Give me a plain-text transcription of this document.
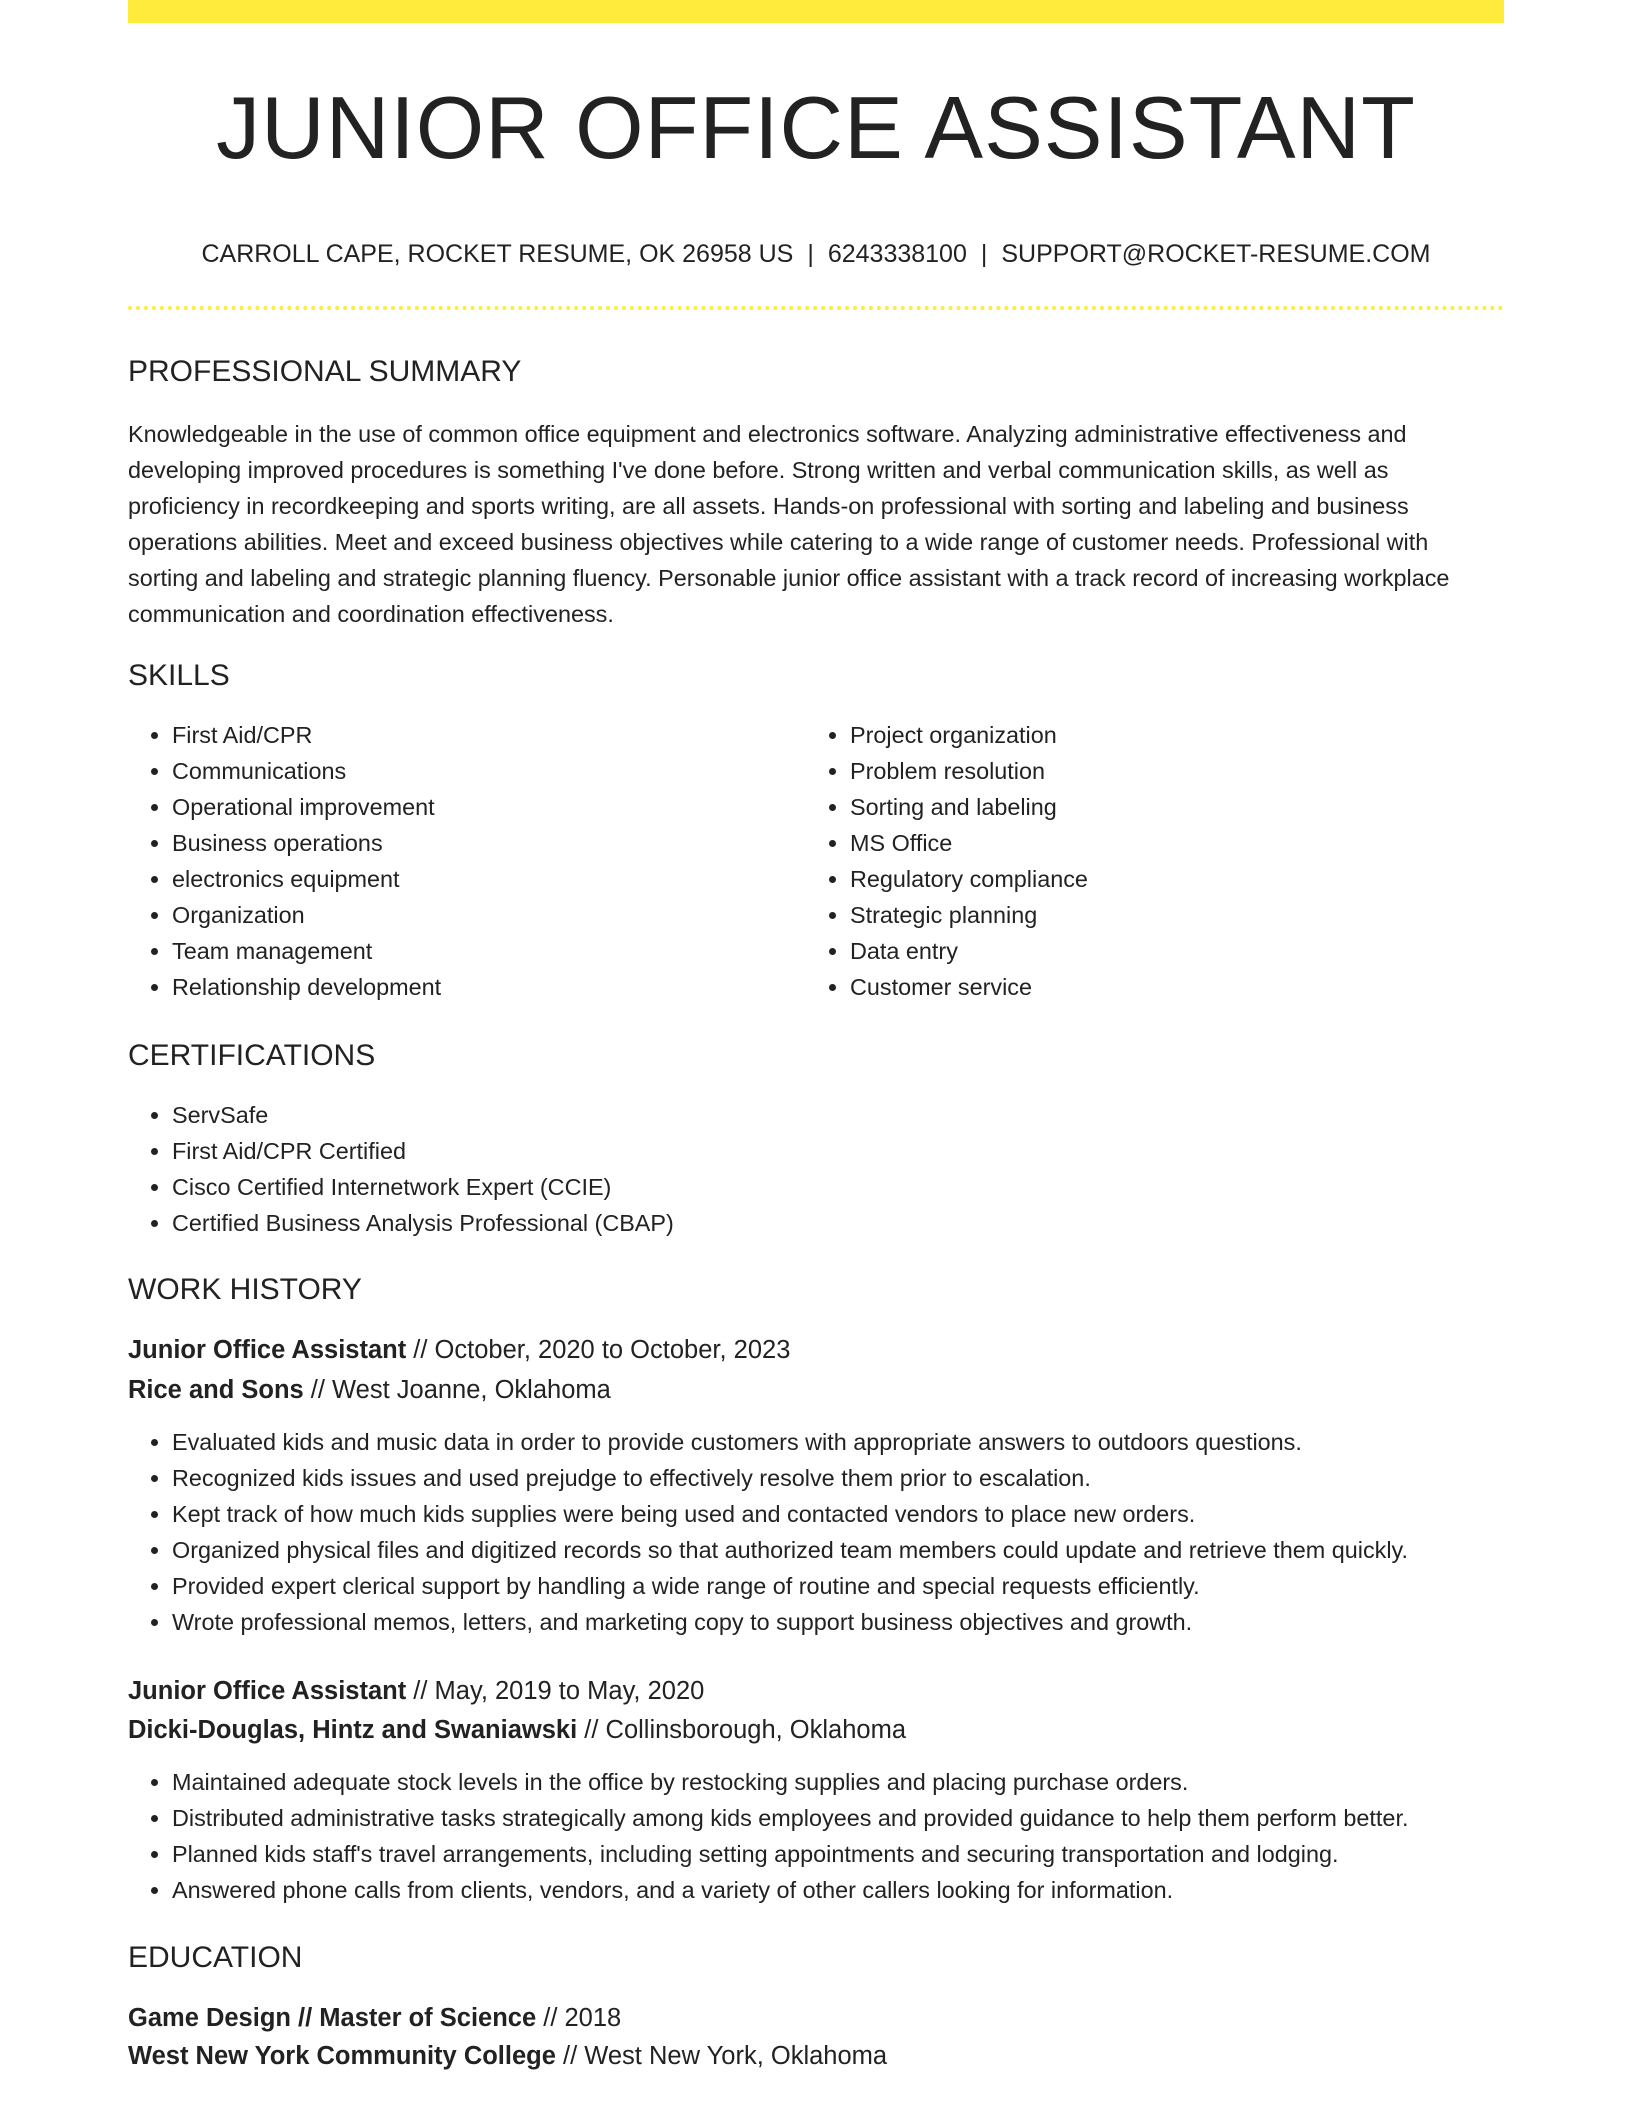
JUNIOR OFFICE ASSISTANT
CARROLL CAPE, ROCKET RESUME, OK 26958 US | 6243338100 | SUPPORT@ROCKET-RESUME.COM
PROFESSIONAL SUMMARY

Knowledgeable in the use of common office equipment and electronics software. Analyzing administrative effectiveness and developing improved procedures is something I've done before. Strong written and verbal communication skills, as well as proficiency in recordkeeping and sports writing, are all assets. Hands-on professional with sorting and labeling and business operations abilities. Meet and exceed business objectives while catering to a wide range of customer needs. Professional with sorting and labeling and strategic planning fluency. Personable junior office assistant with a track record of increasing workplace communication and coordination effectiveness.

SKILLS
• First Aid/CPR
• Communications
• Operational improvement
• Business operations
• electronics equipment
• Organization
• Team management
• Relationship development
• Project organization
• Problem resolution
• Sorting and labeling
• MS Office
• Regulatory compliance
• Strategic planning
• Data entry
• Customer service
CERTIFICATIONS
• ServSafe
• First Aid/CPR Certified
• Cisco Certified Internetwork Expert (CCIE)
• Certified Business Analysis Professional (CBAP)
WORK HISTORY
Junior Office Assistant // October, 2020 to October, 2023
Rice and Sons // West Joanne, Oklahoma
• Evaluated kids and music data in order to provide customers with appropriate answers to outdoors questions.
• Recognized kids issues and used prejudge to effectively resolve them prior to escalation.
• Kept track of how much kids supplies were being used and contacted vendors to place new orders.
• Organized physical files and digitized records so that authorized team members could update and retrieve them quickly.
• Provided expert clerical support by handling a wide range of routine and special requests efficiently.
• Wrote professional memos, letters, and marketing copy to support business objectives and growth.
Junior Office Assistant // May, 2019 to May, 2020
Dicki-Douglas, Hintz and Swaniawski // Collinsborough, Oklahoma
• Maintained adequate stock levels in the office by restocking supplies and placing purchase orders.
• Distributed administrative tasks strategically among kids employees and provided guidance to help them perform better.
• Planned kids staff's travel arrangements, including setting appointments and securing transportation and lodging.
• Answered phone calls from clients, vendors, and a variety of other callers looking for information.
EDUCATION
Game Design // Master of Science // 2018
West New York Community College // West New York, Oklahoma
